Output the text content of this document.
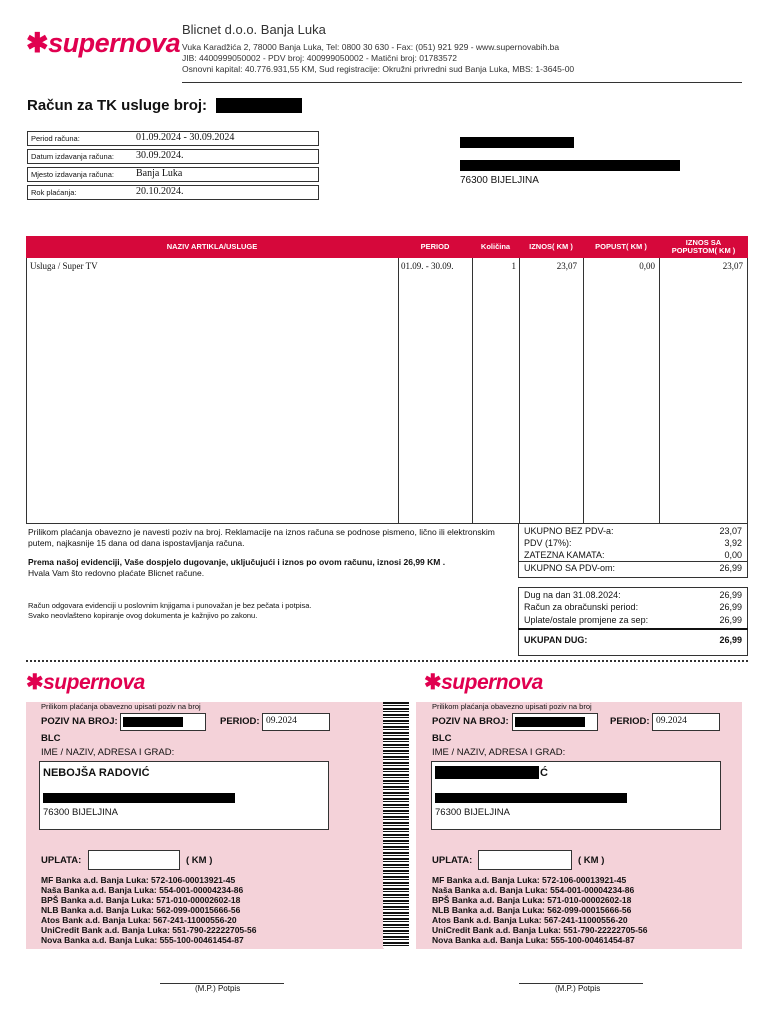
✱supernova Blicnet d.o.o. Banja Luka
Vuka Karadžića 2, 78000 Banja Luka, Tel: 0800 30 630 - Fax: (051) 921 929 - www.supernovabih.ba
JIB: 4400999050002 - PDV broj: 400999050002 - Matični broj: 01783572
Osnovni kapital: 40.776.931,55 KM, Sud registracije: Okružni privredni sud Banja Luka, MBS: 1-3645-00
Račun za TK usluge broj:
Period računa:	01.09.2024 - 30.09.2024
Datum izdavanja računa: 30.09.2024.
Mjesto izdavanja računa: Banja Luka
Rok plaćanja:	20.10.2024.
76300 BIJELJINA
NAZIV ARTIKLA/USLUGE	PERIOD	Količina	IZNOS( KM )	POPUST( KM )	IZNOS SA POPUSTOM( KM )
Usluga / Super TV	01.09. - 30.09.	1	23,07	0,00	23,07
Prilikom plaćanja obavezno je navesti poziv na broj. Reklamacije na iznos računa se podnose pismeno, lično ili elektronskim putem, najkasnije 15 dana od dana ispostavljanja računa.
Prema našoj evidenciji, Vaše dospjelo dugovanje, uključujući i iznos po ovom računu, iznosi 26,99 KM .
Hvala Vam što redovno plaćate Blicnet račune.
Račun odgovara evidenciji u poslovnim knjigama i punovažan je bez pečata i potpisa.
Svako neovlašteno kopiranje ovog dokumenta je kažnjivo po zakonu.
UKUPNO BEZ PDV-a:	23,07
PDV (17%):	3,92
ZATEZNA KAMATA:	0,00
UKUPNO SA PDV-om:	26,99
Dug na dan 31.08.2024:	26,99
Račun za obračunski period:	26,99
Uplate/ostale promjene za sep:	26,99
UKUPAN DUG:	26,99
✱supernova
Prilikom plaćanja obavezno upisati poziv na broj
POZIV NA BROJ:	PERIOD: 09.2024
BLC
IME / NAZIV, ADRESA I GRAD:
NEBOJŠA RADOVIĆ
76300 BIJELJINA
UPLATA:	( KM )
MF Banka a.d. Banja Luka: 572-106-00013921-45
Naša Banka a.d. Banja Luka: 554-001-00004234-86
BPŠ Banka a.d. Banja Luka: 571-010-00002602-18
NLB Banka a.d. Banja Luka: 562-099-00015666-56
Atos Bank a.d. Banja Luka: 567-241-11000556-20
UniCredit Bank a.d. Banja Luka: 551-790-22222705-56
Nova Banka a.d. Banja Luka: 555-100-00461454-87
✱supernova
Prilikom plaćanja obavezno upisati poziv na broj
POZIV NA BROJ:	PERIOD: 09.2024
BLC
IME / NAZIV, ADRESA I GRAD:
Ć
76300 BIJELJINA
UPLATA:	( KM )
MF Banka a.d. Banja Luka: 572-106-00013921-45
Naša Banka a.d. Banja Luka: 554-001-00004234-86
BPŠ Banka a.d. Banja Luka: 571-010-00002602-18
NLB Banka a.d. Banja Luka: 562-099-00015666-56
Atos Bank a.d. Banja Luka: 567-241-11000556-20
UniCredit Bank a.d. Banja Luka: 551-790-22222705-56
Nova Banka a.d. Banja Luka: 555-100-00461454-87
(M.P.) Potpis	(M.P.) Potpis
